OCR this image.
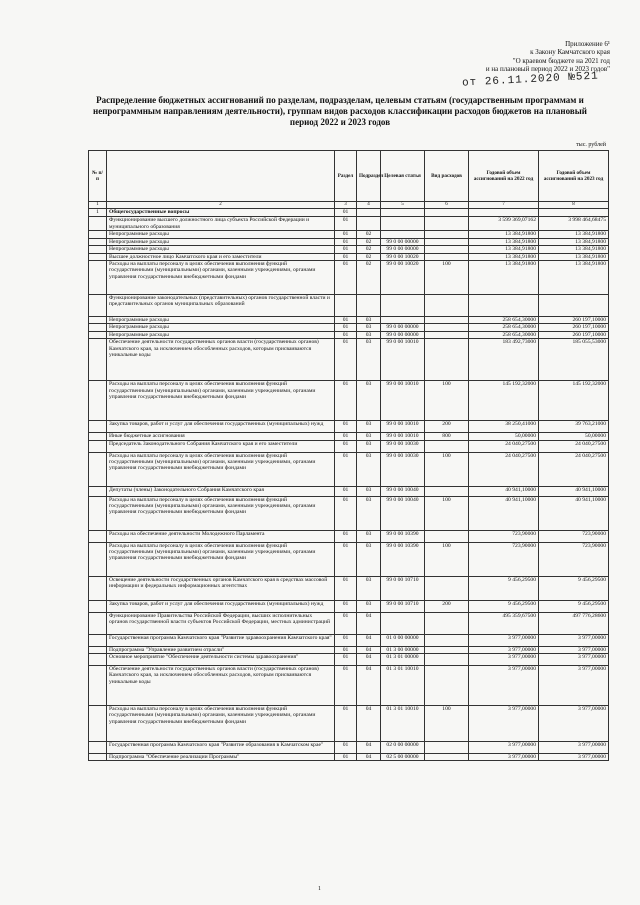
Приложение 6¹
к Закону Камчатского края
"О краевом бюджете на 2021 год
и на плановый период 2022 и 2023 годов"
от 26.11.2020 №521
Распределение бюджетных ассигнований по разделам, подразделам, целевым статьям (государственным программам и непрограммным направлениям деятельности), группам видов расходов классификации расходов бюджетов на плановый период 2022 и 2023 годов
тыс. рублей
№ п/п		Раздел	Подраздел	Целевая статья	Вид расходов	Годовой объем ассигнований на 2022 год	Годовой объем ассигнований на 2023 год
1	2	3	4	5	6	7	8
1	Общегосударственные вопросы	01					
	Функционирование высшего должностного лица субъекта Российской Федерации и муниципального образования	01				3 599 369,07162	3 998 464,68475
	Непрограммные расходы	01	02			13 384,91800	13 384,91800
	Непрограммные расходы	01	02	99 0 00 00000		13 384,91800	13 384,91800
	Непрограммные расходы	01	02	99 0 00 00000		13 384,91800	13 384,91800
	Высшее должностное лицо Камчатского края и его заместители	01	02	99 0 00 10020		13 384,91800	13 384,91800
	Расходы на выплаты персоналу в целях обеспечения выполнения функций государственными (муниципальными) органами, казенными учреждениями, органами управления государственными внебюджетными фондами	01	02	99 0 00 10020	100	13 384,91800	13 384,91800
	Функционирование законодательных (представительных) органов государственной власти и представительных органов муниципальных образований						
	Непрограммные расходы	01	03			258 654,30000	260 197,10000
	Непрограммные расходы	01	03	99 0 00 00000		258 654,30000	260 197,10000
	Непрограммные расходы	01	03	99 0 00 00000		258 654,30000	260 197,10000
	Обеспечение деятельности государственных органов власти (государственных органов) Камчатского края, за исключением обособленных расходов, которым присваиваются уникальные коды	01	03	99 0 00 10010		183 492,73000	185 055,53000
	Расходы на выплаты персоналу в целях обеспечения выполнения функций государственными (муниципальными) органами, казенными учреждениями, органами управления государственными внебюджетными фондами	01	03	99 0 00 10010	100	145 192,32000	145 192,32000
	Закупка товаров, работ и услуг для обеспечения государственных (муниципальных) нужд	01	03	99 0 00 10010	200	38 250,41000	39 763,21000
	Иные бюджетные ассигнования	01	03	99 0 00 10010	800	50,00000	50,00000
	Председатель Законодательного Собрания Камчатского края и его заместители	01	03	99 0 00 10030		24 040,27500	24 040,27500
	Расходы на выплаты персоналу в целях обеспечения выполнения функций государственными (муниципальными) органами, казенными учреждениями, органами управления государственными внебюджетными фондами	01	03	99 0 00 10030	100	24 040,27500	24 040,27500
	Депутаты (члены) Законодательного Собрания Камчатского края	01	03	99 0 00 10040		40 941,10000	40 941,10000
	Расходы на выплаты персоналу в целях обеспечения выполнения функций государственными (муниципальными) органами, казенными учреждениями, органами управления государственными внебюджетными фондами	01	03	99 0 00 10040	100	40 941,10000	40 941,10000
	Расходы на обеспечение деятельности Молодежного Парламента	01	03	99 0 00 10390		723,90000	723,90000
	Расходы на выплаты персоналу в целях обеспечения выполнения функций государственными (муниципальными) органами, казенными учреждениями, органами управления государственными внебюджетными фондами	01	03	99 0 00 10390	100	723,90000	723,90000
	Освещение деятельности государственных органов Камчатского края в средствах массовой информации и федеральных информационных агентствах	01	03	99 0 00 10710		9 456,29500	9 456,29500
	Закупка товаров, работ и услуг для обеспечения государственных (муниципальных) нужд	01	03	99 0 00 10710	200	9 456,29500	9 456,29500
	Функционирование Правительства Российской Федерации, высших исполнительных органов государственной власти субъектов Российской Федерации, местных администраций	01	04			495 359,67500	497 776,28600
	Государственная программа Камчатского края "Развитие здравоохранения Камчатского края"	01	04	01 0 00 00000		3 977,00000	3 977,00000
	Подпрограмма "Управление развитием отрасли"	01	04	01 3 00 00000		3 977,00000	3 977,00000
	Основное мероприятие "Обеспечение деятельности системы здравоохранения"	01	04	01 3 01 00000		3 977,00000	3 977,00000
	Обеспечение деятельности государственных органов власти (государственных органов) Камчатского края, за исключением обособленных расходов, которым присваиваются уникальные коды	01	04	01 3 01 10010		3 977,00000	3 977,00000
	Расходы на выплаты персоналу в целях обеспечения выполнения функций государственными (муниципальными) органами, казенными учреждениями, органами управления государственными внебюджетными фондами	01	04	01 3 01 10010	100	3 977,00000	3 977,00000
	Государственная программа Камчатского края "Развитие образования в Камчатском крае"	01	04	02 0 00 00000		3 977,00000	3 977,00000
	Подпрограмма "Обеспечение реализации Программы"	01	04	02 5 00 00000		3 977,00000	3 977,00000
1
